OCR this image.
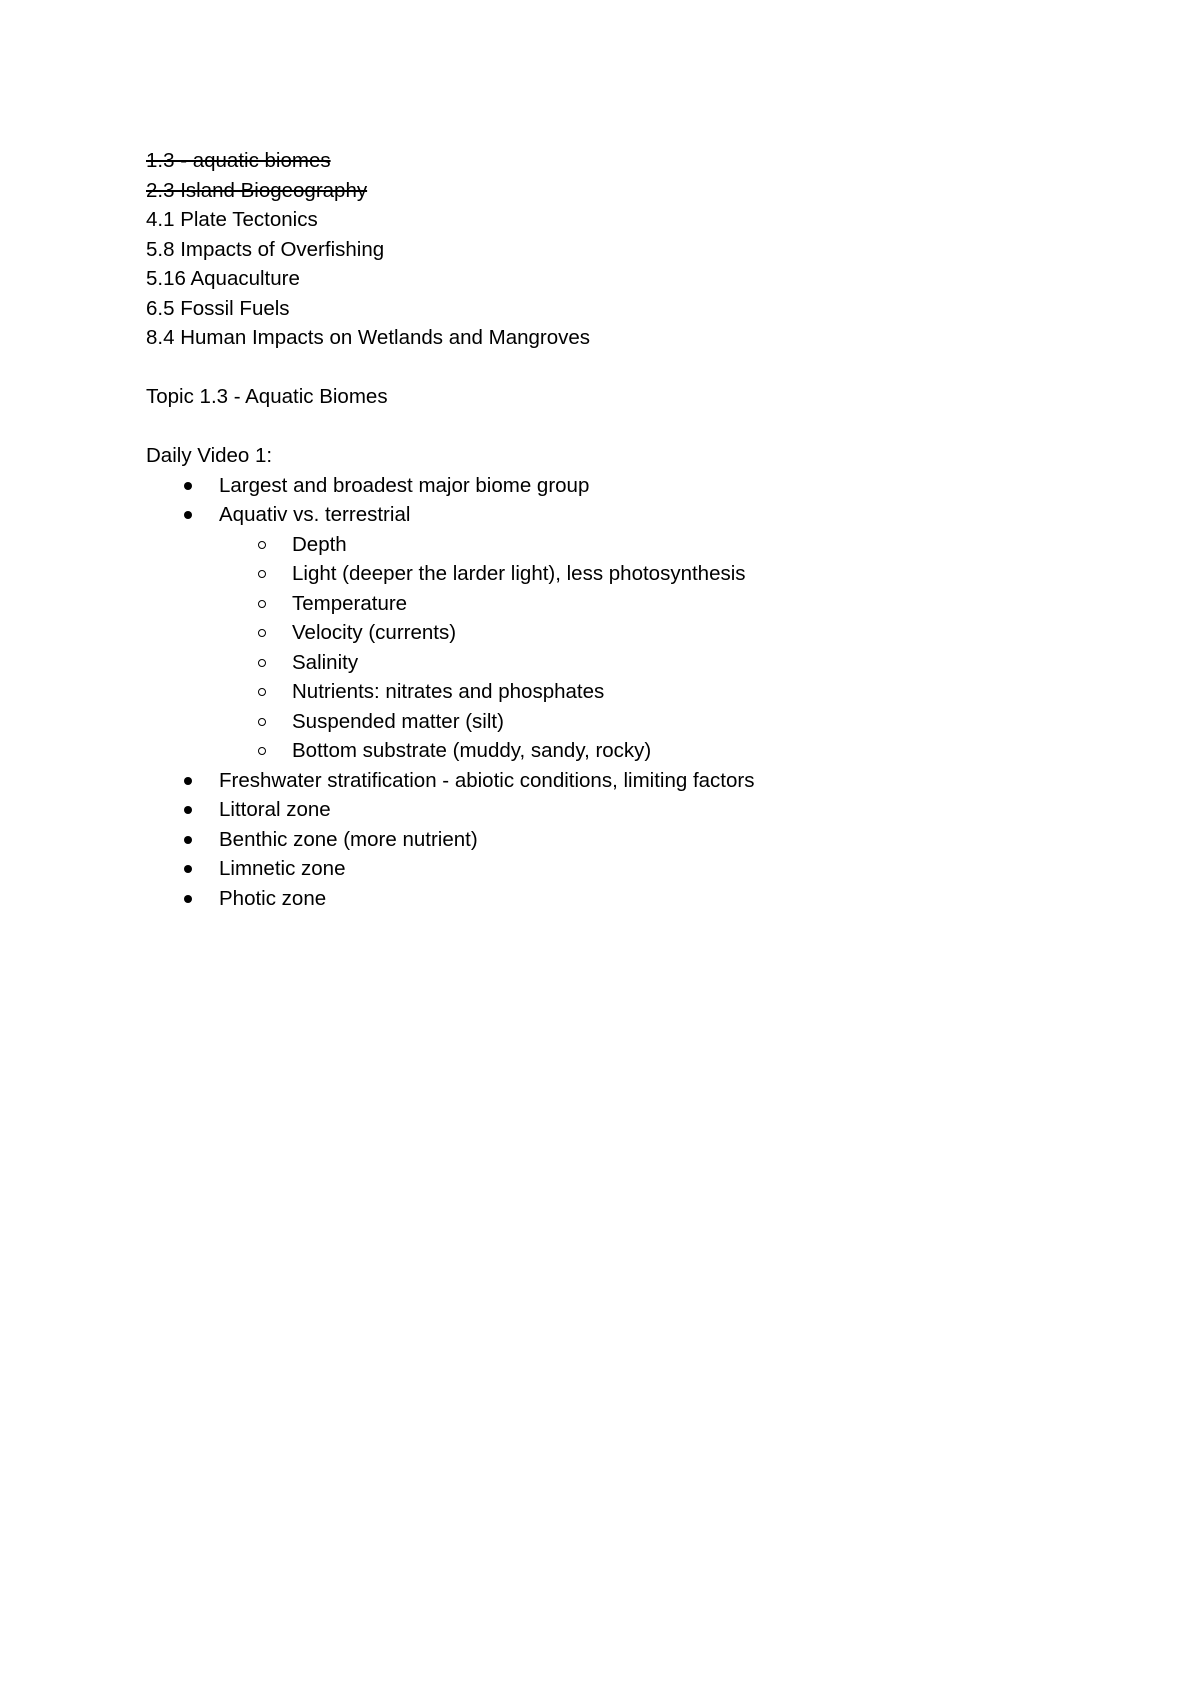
1.3 - aquatic biomes
2.3 Island Biogeography
4.1 Plate Tectonics
5.8 Impacts of Overfishing
5.16 Aquaculture
6.5 Fossil Fuels
8.4 Human Impacts on Wetlands and Mangroves
Topic 1.3 - Aquatic Biomes
Daily Video 1:
Largest and broadest major biome group
Aquativ vs. terrestrial
Depth
Light (deeper the larder light), less photosynthesis
Temperature
Velocity (currents)
Salinity
Nutrients: nitrates and phosphates
Suspended matter (silt)
Bottom substrate (muddy, sandy, rocky)
Freshwater stratification - abiotic conditions, limiting factors
Littoral zone
Benthic zone (more nutrient)
Limnetic zone
Photic zone
